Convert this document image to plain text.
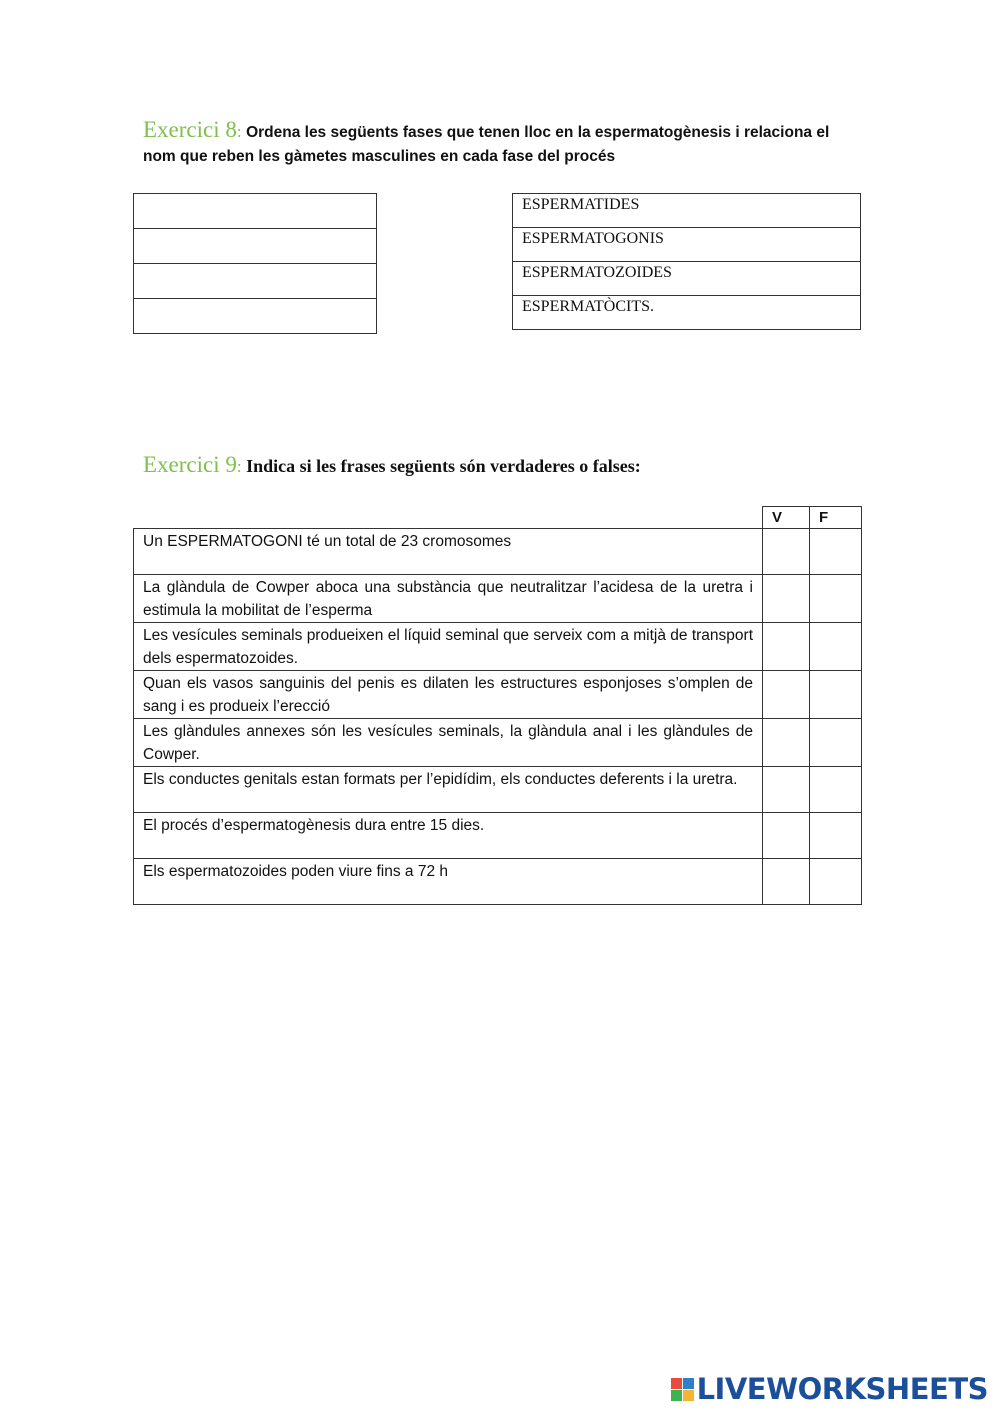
Exercici 8: Ordena les següents fases que tenen lloc en la espermatogènesis i relaciona el nom que reben les gàmetes masculines en cada fase del procés

ESPERMATIDES
ESPERMATOGONIS
ESPERMATOZOIDES
ESPERMATÒCITS.
Exercici 9: Indica si les frases següents són verdaderes o falses:
	V	F
Un ESPERMATOGONI té un total de 23 cromosomes		
La glàndula de Cowper aboca una substància que neutralitzar l’acidesa de la uretra i estimula la mobilitat de l’esperma		
Les vesícules seminals produeixen el líquid seminal que serveix com a mitjà de transport dels espermatozoides.		
Quan els vasos sanguinis del penis es dilaten les estructures esponjoses s’omplen de sang i es produeix l’erecció		
Les glàndules annexes són les vesícules seminals, la glàndula anal i les glàndules de Cowper.		
Els conductes genitals estan formats per l’epidídim, els conductes deferents i la uretra.		
El procés d’espermatogènesis dura entre 15 dies.		
Els espermatozoides poden viure fins a 72 h		
LIVEWORKSHEETS
